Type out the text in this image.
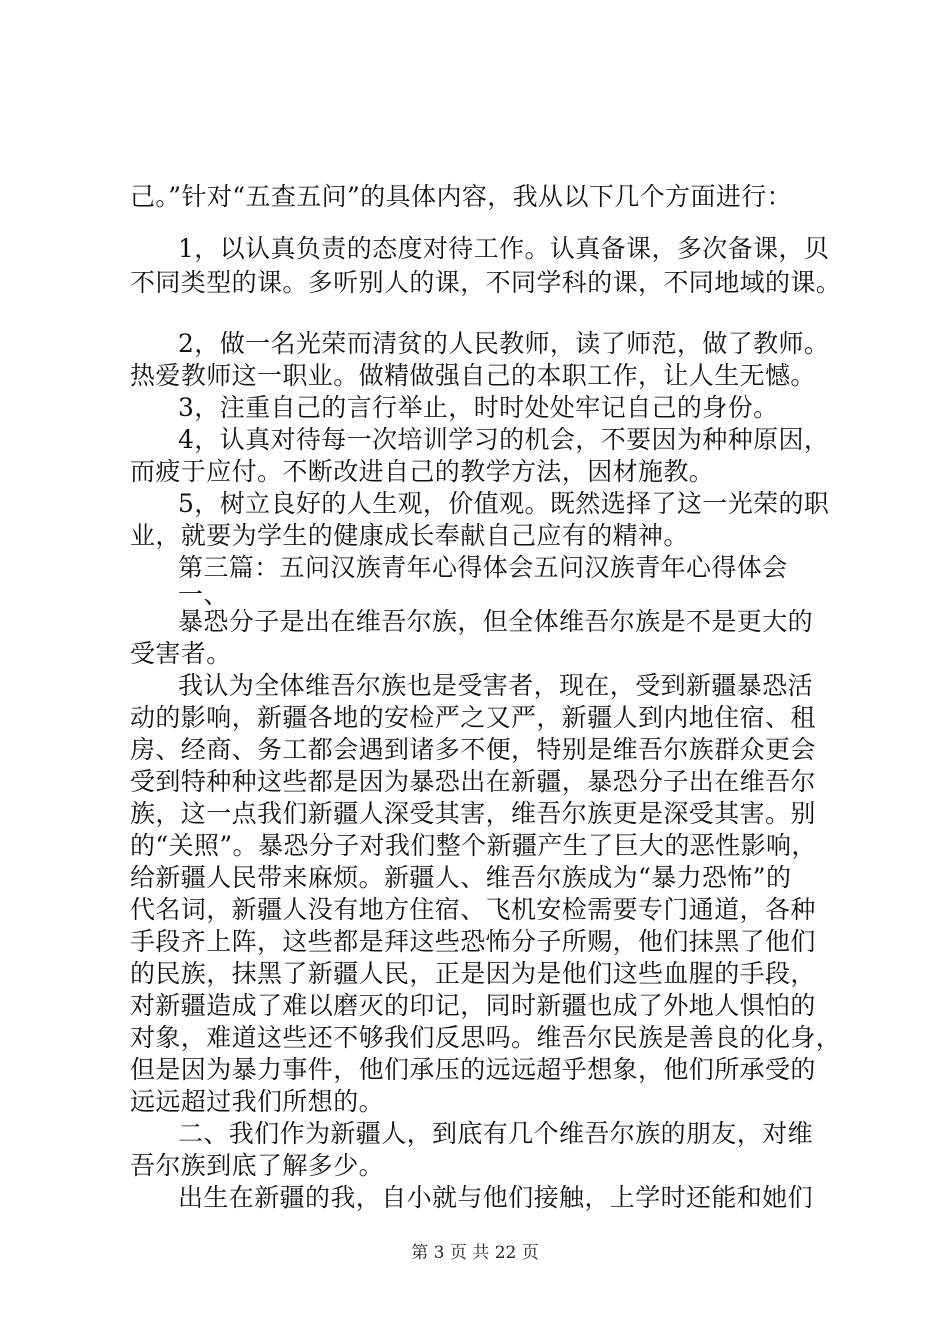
己。”针对“五查五问”的具体内容，我从以下几个方面进行：
1，以认真负责的态度对待工作。认真备课，多次备课，贝
不同类型的课。多听别人的课，不同学科的课，不同地域的课。
2，做一名光荣而清贫的人民教师，读了师范，做了教师。
热爱教师这一职业。做精做强自己的本职工作，让人生无憾。
3，注重自己的言行举止，时时处处牢记自己的身份。
4，认真对待每一次培训学习的机会，不要因为种种原因，
而疲于应付。不断改进自己的教学方法，因材施教。
5，树立良好的人生观，价值观。既然选择了这一光荣的职
业，就要为学生的健康成长奉献自己应有的精神。
第三篇：五问汉族青年心得体会五问汉族青年心得体会
一、
暴恐分子是出在维吾尔族，但全体维吾尔族是不是更大的
受害者。
我认为全体维吾尔族也是受害者，现在，受到新疆暴恐活
动的影响，新疆各地的安检严之又严，新疆人到内地住宿、租
房、经商、务工都会遇到诸多不便，特别是维吾尔族群众更会
受到特种种这些都是因为暴恐出在新疆，暴恐分子出在维吾尔
族，这一点我们新疆人深受其害，维吾尔族更是深受其害。别
的“关照”。暴恐分子对我们整个新疆产生了巨大的恶性影响，
给新疆人民带来麻烦。新疆人、维吾尔族成为“暴力恐怖”的
代名词，新疆人没有地方住宿、飞机安检需要专门通道，各种
手段齐上阵，这些都是拜这些恐怖分子所赐，他们抹黑了他们
的民族，抹黑了新疆人民，正是因为是他们这些血腥的手段，
对新疆造成了难以磨灭的印记，同时新疆也成了外地人惧怕的
对象，难道这些还不够我们反思吗。维吾尔民族是善良的化身，
但是因为暴力事件，他们承压的远远超乎想象，他们所承受的
远远超过我们所想的。
二、我们作为新疆人，到底有几个维吾尔族的朋友，对维
吾尔族到底了解多少。
出生在新疆的我，自小就与他们接触，上学时还能和她们
第 3 页 共 22 页
